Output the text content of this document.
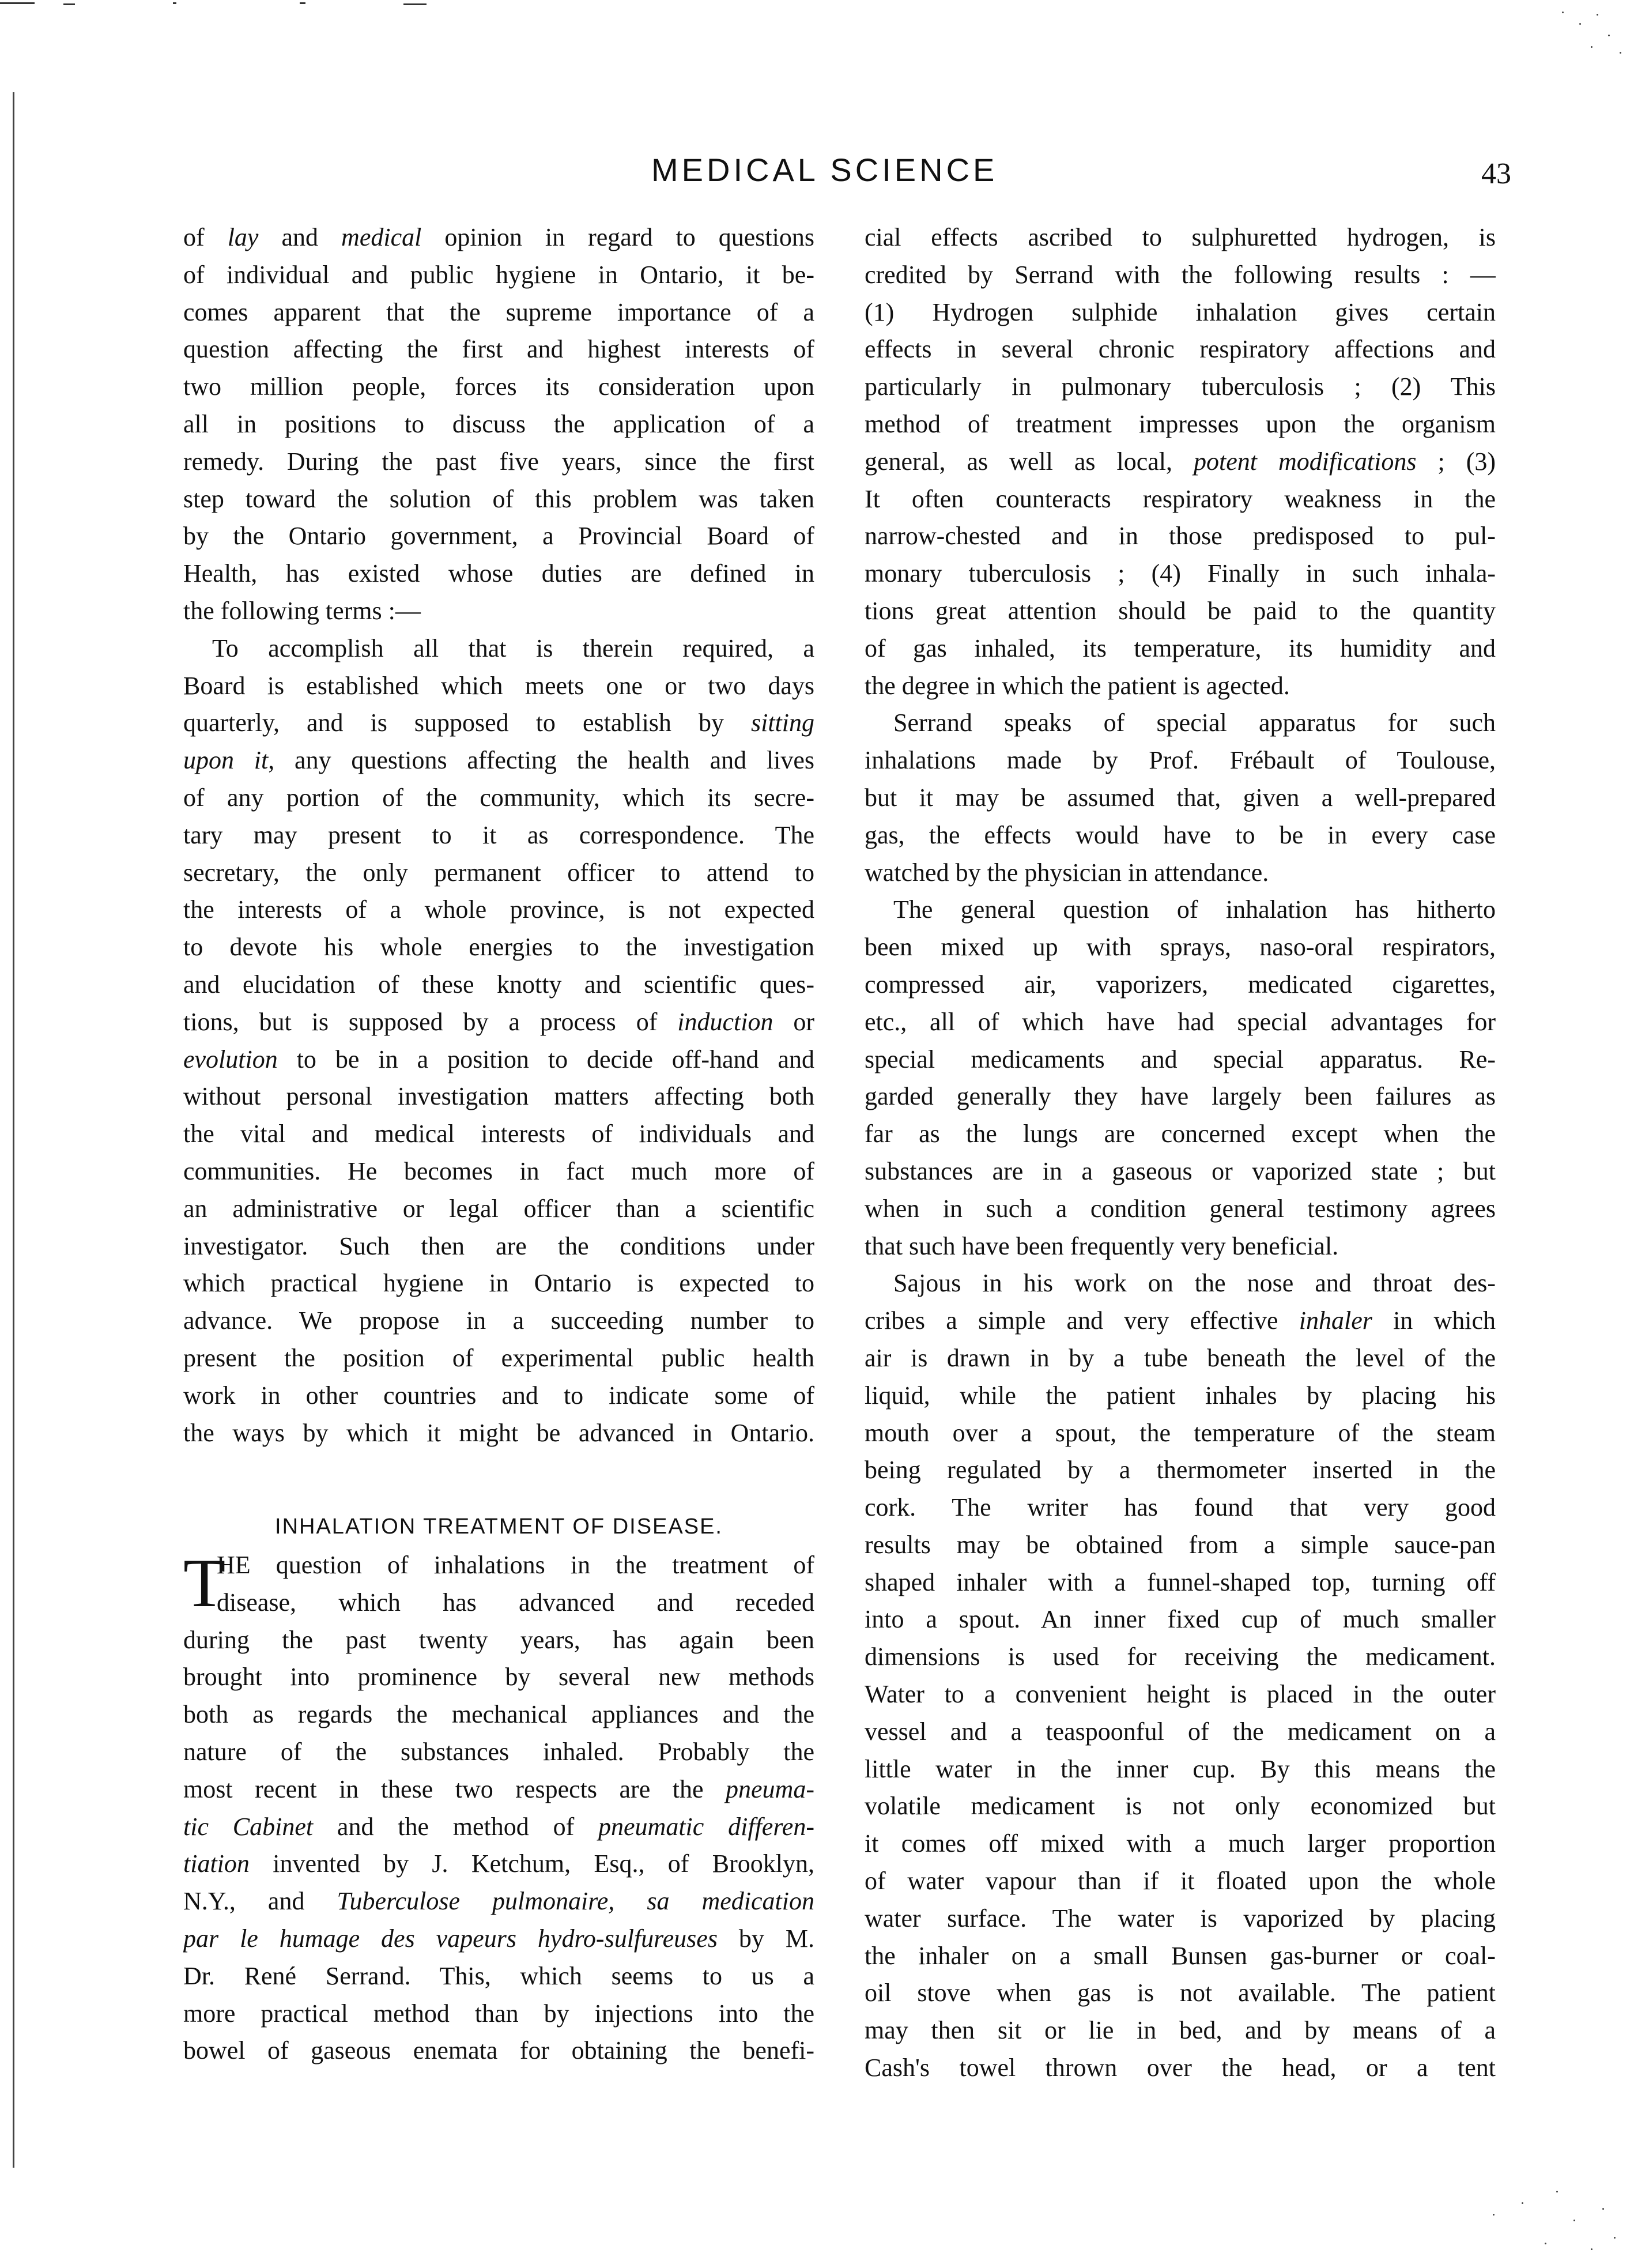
MEDICAL SCIENCE	43
of lay and medical opinion in regard to questions
of individual and public hygiene in Ontario, it be-
comes apparent that the supreme importance of a
question affecting the first and highest interests of
two million people, forces its consideration upon
all in positions to discuss the application of a
remedy. During the past five years, since the first
step toward the solution of this problem was taken
by the Ontario government, a Provincial Board of
Health, has existed whose duties are defined in
the following terms :—
To accomplish all that is therein required, a
Board is established which meets one or two days
quarterly, and is supposed to establish by sitting
upon it, any questions affecting the health and lives
of any portion of the community, which its secre-
tary may present to it as correspondence. The
secretary, the only permanent officer to attend to
the interests of a whole province, is not expected
to devote his whole energies to the investigation
and elucidation of these knotty and scientific ques-
tions, but is supposed by a process of induction or
evolution to be in a position to decide off-hand and
without personal investigation matters affecting both
the vital and medical interests of individuals and
communities. He becomes in fact much more of
an administrative or legal officer than a scientific
investigator. Such then are the conditions under
which practical hygiene in Ontario is expected to
advance. We propose in a succeeding number to
present the position of experimental public health
work in other countries and to indicate some of
the ways by which it might be advanced in Ontario.
INHALATION TREATMENT OF DISEASE.
T
HE question of inhalations in the treatment of
disease, which has advanced and receded
during the past twenty years, has again been
brought into prominence by several new methods
both as regards the mechanical appliances and the
nature of the substances inhaled. Probably the
most recent in these two respects are the pneuma-
tic Cabinet and the method of pneumatic differen-
tiation invented by J. Ketchum, Esq., of Brooklyn,
N.Y., and Tuberculose pulmonaire, sa medication
par le humage des vapeurs hydro-sulfureuses by M.
Dr. René Serrand. This, which seems to us a
more practical method than by injections into the
bowel of gaseous enemata for obtaining the benefi-
cial effects ascribed to sulphuretted hydrogen, is
credited by Serrand with the following results : —
(1) Hydrogen sulphide inhalation gives certain
effects in several chronic respiratory affections and
particularly in pulmonary tuberculosis ; (2) This
method of treatment impresses upon the organism
general, as well as local, potent modifications ; (3)
It often counteracts respiratory weakness in the
narrow-chested and in those predisposed to pul-
monary tuberculosis ; (4) Finally in such inhala-
tions great attention should be paid to the quantity
of gas inhaled, its temperature, its humidity and
the degree in which the patient is agected.
Serrand speaks of special apparatus for such
inhalations made by Prof. Frébault of Toulouse,
but it may be assumed that, given a well-prepared
gas, the effects would have to be in every case
watched by the physician in attendance.
The general question of inhalation has hitherto
been mixed up with sprays, naso-oral respirators,
compressed air, vaporizers, medicated cigarettes,
etc., all of which have had special advantages for
special medicaments and special apparatus. Re-
garded generally they have largely been failures as
far as the lungs are concerned except when the
substances are in a gaseous or vaporized state ; but
when in such a condition general testimony agrees
that such have been frequently very beneficial.
Sajous in his work on the nose and throat des-
cribes a simple and very effective inhaler in which
air is drawn in by a tube beneath the level of the
liquid, while the patient inhales by placing his
mouth over a spout, the temperature of the steam
being regulated by a thermometer inserted in the
cork. The writer has found that very good
results may be obtained from a simple sauce-pan
shaped inhaler with a funnel-shaped top, turning off
into a spout. An inner fixed cup of much smaller
dimensions is used for receiving the medicament.
Water to a convenient height is placed in the outer
vessel and a teaspoonful of the medicament on a
little water in the inner cup. By this means the
volatile medicament is not only economized but
it comes off mixed with a much larger proportion
of water vapour than if it floated upon the whole
water surface. The water is vaporized by placing
the inhaler on a small Bunsen gas-burner or coal-
oil stove when gas is not available. The patient
may then sit or lie in bed, and by means of a
Cash's towel thrown over the head, or a tent
